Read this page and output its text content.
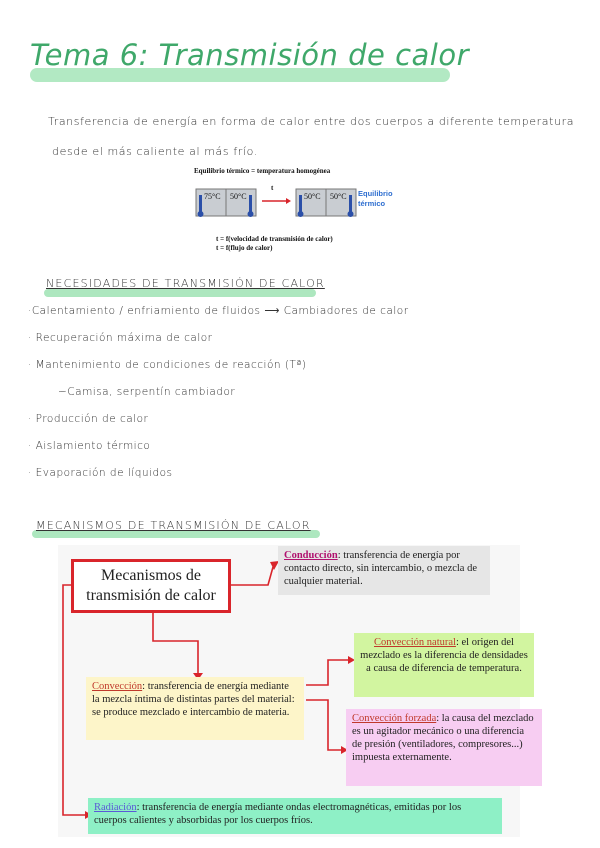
Tema 6: Transmisión de calor
Transferencia de energía en forma de calor entre dos cuerpos a diferente temperatura
desde el más caliente al más frío.
Equilibrio térmico = temperatura homogénea
t
75°C 50°C	50°C 50°C Equilibrio térmico
t = f(velocidad de transmisión de calor)
t = f(flujo de calor)
NECESIDADES DE TRANSMISIÓN DE CALOR
·Calentamiento / enfriamiento de fluidos ⟶ Cambiadores de calor
· Recuperación máxima de calor
· Mantenimiento de condiciones de reacción (Tª)
~Camisa, serpentín cambiador
· Producción de calor
· Aislamiento térmico
· Evaporación de líquidos
MECANISMOS DE TRANSMISIÓN DE CALOR
Mecanismos de transmisión de calor
Conducción: transferencia de energía por contacto directo, sin intercambio, o mezcla de cualquier material.
Convección: transferencia de energía mediante la mezcla íntima de distintas partes del material: se produce mezclado e intercambio de materia.
Convección natural: el origen del mezclado es la diferencia de densidades a causa de diferencia de temperatura.
Convección forzada: la causa del mezclado es un agitador mecánico o una diferencia de presión (ventiladores, compresores...) impuesta externamente.
Radiación: transferencia de energía mediante ondas electromagnéticas, emitidas por los cuerpos calientes y absorbidas por los cuerpos fríos.
